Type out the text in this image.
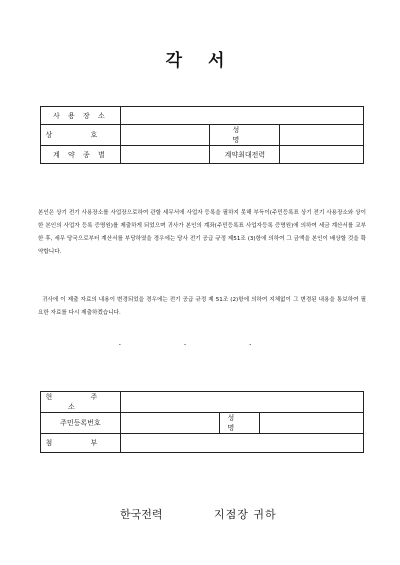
각 서
사 용 장 소			
상 호		성 명	
계 약 종 별		계약최대전력	
본인은 상기 전기 사용장소를 사업장으로하여 관할 세무서에 사업자 등록을 필하지 못해 부득이(주민등록표 상기 전기 사용장소와 상이한 본인의 사업자 등록 증명원)를 제출하게 되었으며 귀사가 본인의 계좌(주민등록표 사업자등록 증명원)에 의하여 세금 계산서를 교부한 후, 세무 당국으로부터 계산서를 부당하였을 경우에는 당사 전기 공급 규정 제51조 (3)항에 의하여 그 금액을 본인이 배상할 것을 확약합니다.
귀사에 이 제출 자료의 내용이 변경되었을 경우에는 전기 공급 규정 제 51조 (2)항에 의하여 지체없이 그 변경된 내용을 통보하여 필요한 자료를 다시 제출하겠습니다.
. . .
현 주 소			
주민등록번호		성 명	
첨 부			
한국전력	지점장 귀하
